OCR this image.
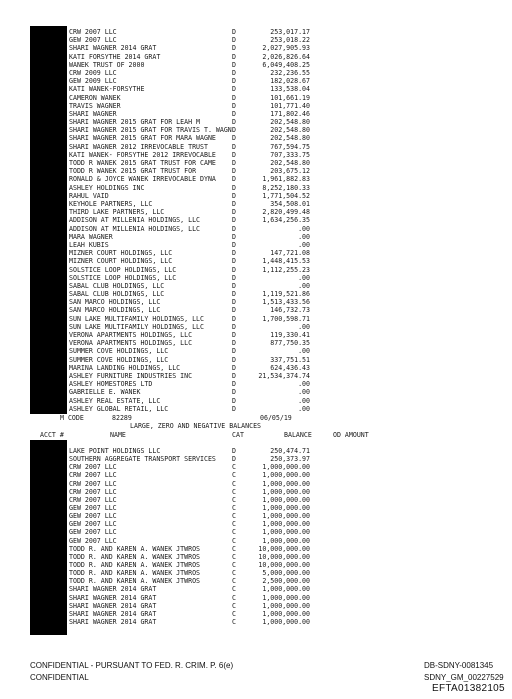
CRW 2007 LLC	D	253,017.17
GEW 2007 LLC	D	253,018.22
SHARI WAGNER 2014 GRAT	D	2,027,905.93
KATI FORSYTHE 2014 GRAT	D	2,026,826.64
WANEK TRUST OF 2000	D	6,049,408.25
CRW 2009 LLC	D	232,236.55
GEW 2009 LLC	D	182,028.67
KATI WANEK-FORSYTHE	D	133,538.04
CAMERON WANEK	D	101,661.19
TRAVIS WAGNER	D	101,771.40
SHARI WAGNER	D	171,802.46
SHARI WAGNER 2015 GRAT FOR LEAH M	D	202,548.80
SHARI WAGNER 2015 GRAT FOR TRAVIS T. WAGN D	202,548.80
SHARI WAGNER 2015 GRAT FOR MARA WAGNE D	202,548.80
SHARI WAGNER 2012 IRREVOCABLE TRUST	D	767,594.75
KATI WANEK- FORSYTHE 2012 IRREVOCABLE D	707,333.75
TODD R WANEK 2015 GRAT TRUST FOR CAME D	202,548.80
TODD R WANEK 2015 GRAT TRUST FOR	D	203,675.12
RONALD & JOYCE WANEK IRREVOCABLE DYNA D	1,961,882.83
ASHLEY HOLDINGS INC	D	8,252,180.33
RAHUL VAID	D	1,771,504.52
KEYHOLE PARTNERS, LLC	D	354,508.01
THIRD LAKE PARTNERS, LLC	D	2,820,499.48
ADDISON AT MILLENIA HOLDINGS, LLC	D	1,634,256.35
ADDISON AT MILLENIA HOLDINGS, LLC	D	.00
MARA WAGNER	D	.00
LEAH KUBIS	D	.00
MIZNER COURT HOLDINGS, LLC	D	147,721.08
MIZNER COURT HOLDINGS, LLC	D	1,448,415.53
SOLSTICE LOOP HOLDINGS, LLC	D	1,112,255.23
SOLSTICE LOOP HOLDINGS, LLC	D	.00
SABAL CLUB HOLDINGS, LLC	D	.00
SABAL CLUB HOLDINGS, LLC	D	1,119,521.86
SAN MARCO HOLDINGS, LLC	D	1,513,433.56
SAN MARCO HOLDINGS, LLC	D	146,732.73
SUN LAKE MULTIFAMILY HOLDINGS, LLC	D	1,700,598.71
SUN LAKE MULTIFAMILY HOLDINGS, LLC	D	.00
VERONA APARTMENTS HOLDINGS, LLC	D	119,330.41
VERONA APARTMENTS HOLDINGS, LLC	D	877,750.35
SUMMER COVE HOLDINGS, LLC	D	.00
SUMMER COVE HOLDINGS, LLC	D	337,751.51
MARINA LANDING HOLDINGS, LLC	D	624,436.43
ASHLEY FURNITURE INDUSTRIES INC	D	21,534,374.74
ASHLEY HOMESTORES LTD	D	.00
GABRIELLE E. WANEK	D	.00
ASHLEY REAL ESTATE, LLC	D	.00
ASHLEY GLOBAL RETAIL, LLC	D	.00
M CODE	82289	06/05/19
LARGE, ZERO AND NEGATIVE BALANCES
ACCT #	NAME	CAT	BALANCE	OD AMOUNT
LAKE POINT HOLDINGS LLC	D	250,474.71
SOUTHERN AGGREGATE TRANSPORT SERVICES D	250,373.97
CRW 2007 LLC	C	1,000,000.00
CRW 2007 LLC	C	1,000,000.00
CRW 2007 LLC	C	1,000,000.00
CRW 2007 LLC	C	1,000,000.00
CRW 2007 LLC	C	1,000,000.00
GEW 2007 LLC	C	1,000,000.00
GEW 2007 LLC	C	1,000,000.00
GEW 2007 LLC	C	1,000,000.00
GEW 2007 LLC	C	1,000,000.00
GEW 2007 LLC	C	1,000,000.00
TODD R. AND KAREN A. WANEK JTWROS	C	10,000,000.00
TODD R. AND KAREN A. WANEK JTWROS	C	10,000,000.00
TODD R. AND KAREN A. WANEK JTWROS	C	10,000,000.00
TODD R. AND KAREN A. WANEK JTWROS	C	5,000,000.00
TODD R. AND KAREN A. WANEK JTWROS	C	2,500,000.00
SHARI WAGNER 2014 GRAT	C	1,000,000.00
SHARI WAGNER 2014 GRAT	C	1,000,000.00
SHARI WAGNER 2014 GRAT	C	1,000,000.00
SHARI WAGNER 2014 GRAT	C	1,000,000.00
SHARI WAGNER 2014 GRAT	C	1,000,000.00
CONFIDENTIAL - PURSUANT TO FED. R. CRIM. P. 6(e)
CONFIDENTIAL
DB-SDNY-0081345
SDNY_GM_00227529
EFTA01382105
